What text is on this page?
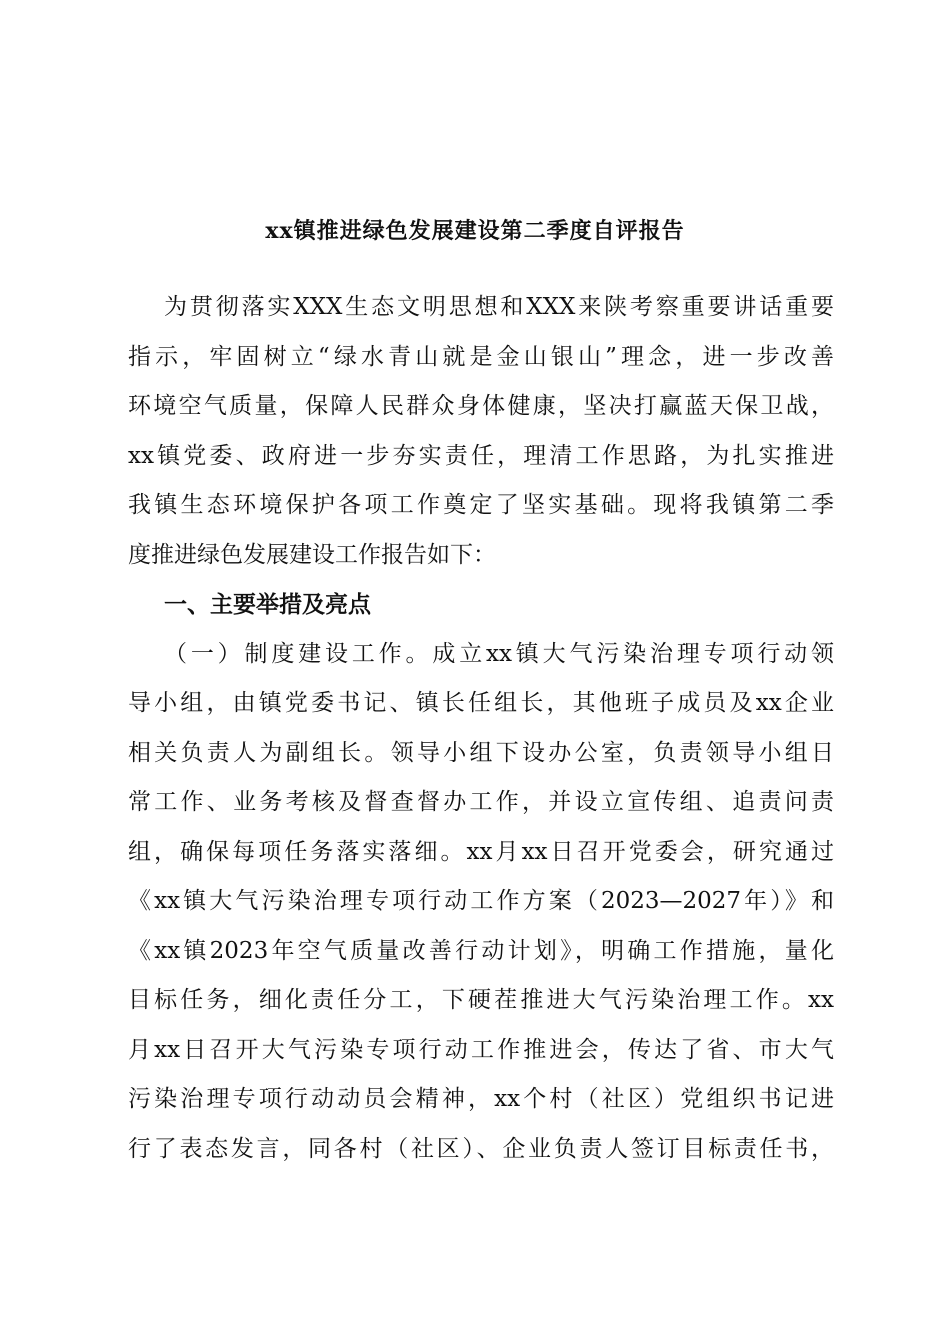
xx镇推进绿色发展建设第二季度自评报告
为贯彻落实XXX生态文明思想和XXX来陕考察重要讲话重要
指示，牢固树立“绿水青山就是金山银山”理念，进一步改善
环境空气质量，保障人民群众身体健康，坚决打赢蓝天保卫战，
xx镇党委、政府进一步夯实责任，理清工作思路，为扎实推进
我镇生态环境保护各项工作奠定了坚实基础。现将我镇第二季
度推进绿色发展建设工作报告如下：
一、主要举措及亮点
（一）制度建设工作。成立xx镇大气污染治理专项行动领
导小组，由镇党委书记、镇长任组长，其他班子成员及xx企业
相关负责人为副组长。领导小组下设办公室，负责领导小组日
常工作、业务考核及督查督办工作，并设立宣传组、追责问责
组，确保每项任务落实落细。xx月xx日召开党委会，研究通过
《xx镇大气污染治理专项行动工作方案（2023—2027年）》和
《xx镇2023年空气质量改善行动计划》，明确工作措施，量化
目标任务，细化责任分工，下硬茬推进大气污染治理工作。xx
月xx日召开大气污染专项行动工作推进会，传达了省、市大气
污染治理专项行动动员会精神，xx个村（社区）党组织书记进
行了表态发言，同各村（社区）、企业负责人签订目标责任书，
